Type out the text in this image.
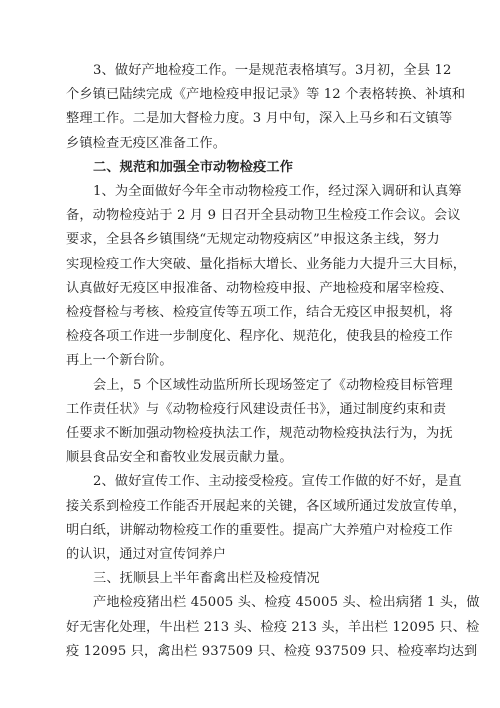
3、做好产地检疫工作。一是规范表格填写。3月初，全县 12
个乡镇已陆续完成《产地检疫申报记录》等 12 个表格转换、补填和
整理工作。二是加大督检力度。3 月中旬，深入上马乡和石文镇等
乡镇检查无疫区准备工作。

二、规范和加强全市动物检疫工作

1、为全面做好今年全市动物检疫工作，经过深入调研和认真筹
备，动物检疫站于 2 月 9 日召开全县动物卫生检疫工作会议。会议
要求，全县各乡镇围绕“无规定动物疫病区”申报这条主线，努力
实现检疫工作大突破、量化指标大增长、业务能力大提升三大目标，
认真做好无疫区申报准备、动物检疫申报、产地检疫和屠宰检疫、
检疫督检与考核、检疫宣传等五项工作，结合无疫区申报契机，将
检疫各项工作进一步制度化、程序化、规范化，使我县的检疫工作
再上一个新台阶。

会上，5 个区域性动监所所长现场签定了《动物检疫目标管理
工作责任状》与《动物检疫行风建设责任书》，通过制度约束和责
任要求不断加强动物检疫执法工作，规范动物检疫执法行为，为抚
顺县食品安全和畜牧业发展贡献力量。

2、做好宣传工作、主动接受检疫。宣传工作做的好不好，是直
接关系到检疫工作能否开展起来的关键，各区域所通过发放宣传单，
明白纸，讲解动物检疫工作的重要性。提高广大养殖户对检疫工作
的认识，通过对宣传饲养户

三、抚顺县上半年畜禽出栏及检疫情况

产地检疫猪出栏 45005 头、检疫 45005 头、检出病猪 1 头，做
好无害化处理，牛出栏 213 头、检疫 213 头，羊出栏 12095 只、检
疫 12095 只，禽出栏 937509 只、检疫 937509 只、检疫率均达到
